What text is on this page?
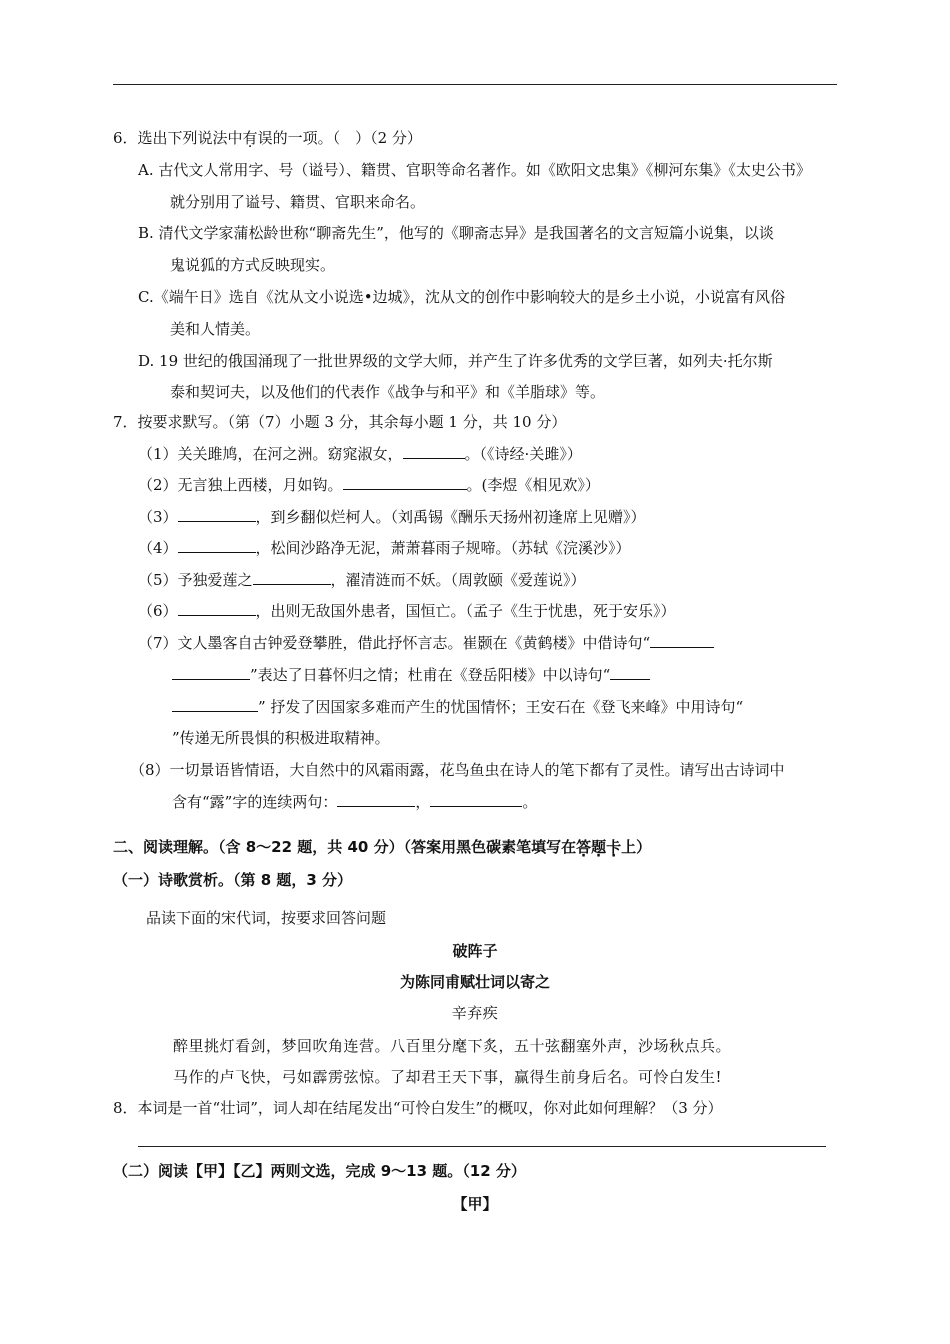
6．选出下列说法中有误的一项。（　）（2 分）
A. 古代文人常用字、号（谥号）、籍贯、官职等命名著作。如《欧阳文忠集》《柳河东集》《太史公书》
就分别用了谥号、籍贯、官职来命名。
B. 清代文学家蒲松龄世称“聊斋先生”，他写的《聊斋志异》是我国著名的文言短篇小说集，以谈
鬼说狐的方式反映现实。
C.《端午日》选自《沈从文小说选•边城》，沈从文的创作中影响较大的是乡土小说，小说富有风俗
美和人情美。
D. 19 世纪的俄国涌现了一批世界级的文学大师，并产生了许多优秀的文学巨著，如列夫·托尔斯
泰和契诃夫，以及他们的代表作《战争与和平》和《羊脂球》等。
7．按要求默写。（第（7）小题 3 分，其余每小题 1 分，共 10 分）
（1）关关雎鸠，在河之洲。窈窕淑女，	。（《诗经·关雎》）
（2）无言独上西楼，月如钩。	。(李煜《相见欢》）
（3）	，到乡翻似烂柯人。（刘禹锡《酬乐天扬州初逢席上见赠》）
（4）	，松间沙路净无泥，萧萧暮雨子规啼。（苏轼《浣溪沙》）
（5）予独爱莲之	，濯清涟而不妖。（周敦颐《爱莲说》）
（6）	，出则无敌国外患者，国恒亡。（孟子《生于忧患，死于安乐》）
（7）文人墨客自古钟爱登攀胜，借此抒怀言志。崔颢在《黄鹤楼》中借诗句“
”表达了日暮怀归之情；杜甫在《登岳阳楼》中以诗句“
” 抒发了因国家多难而产生的忧国情怀；王安石在《登飞来峰》中用诗句“
”传递无所畏惧的积极进取精神。
（8）一切景语皆情语，大自然中的风霜雨露，花鸟鱼虫在诗人的笔下都有了灵性。请写出古诗词中
含有“露”字的连续两句：	，	。
二、阅读理解。（含 8～22 题，共 40 分）（答案用黑色碳素笔填写在答题卡上）
（一）诗歌赏析。（第 8 题，3 分）
品读下面的宋代词，按要求回答问题
破阵子
为陈同甫赋壮词以寄之
辛弃疾
醉里挑灯看剑，梦回吹角连营。八百里分麾下炙，五十弦翻塞外声，沙场秋点兵。
马作的卢飞快，弓如霹雳弦惊。了却君王天下事，赢得生前身后名。可怜白发生!
8．本词是一首“壮词”，词人却在结尾发出“可怜白发生”的概叹，你对此如何理解？（3 分）
（二）阅读【甲】【乙】两则文选，完成 9～13 题。（12 分）
【甲】
